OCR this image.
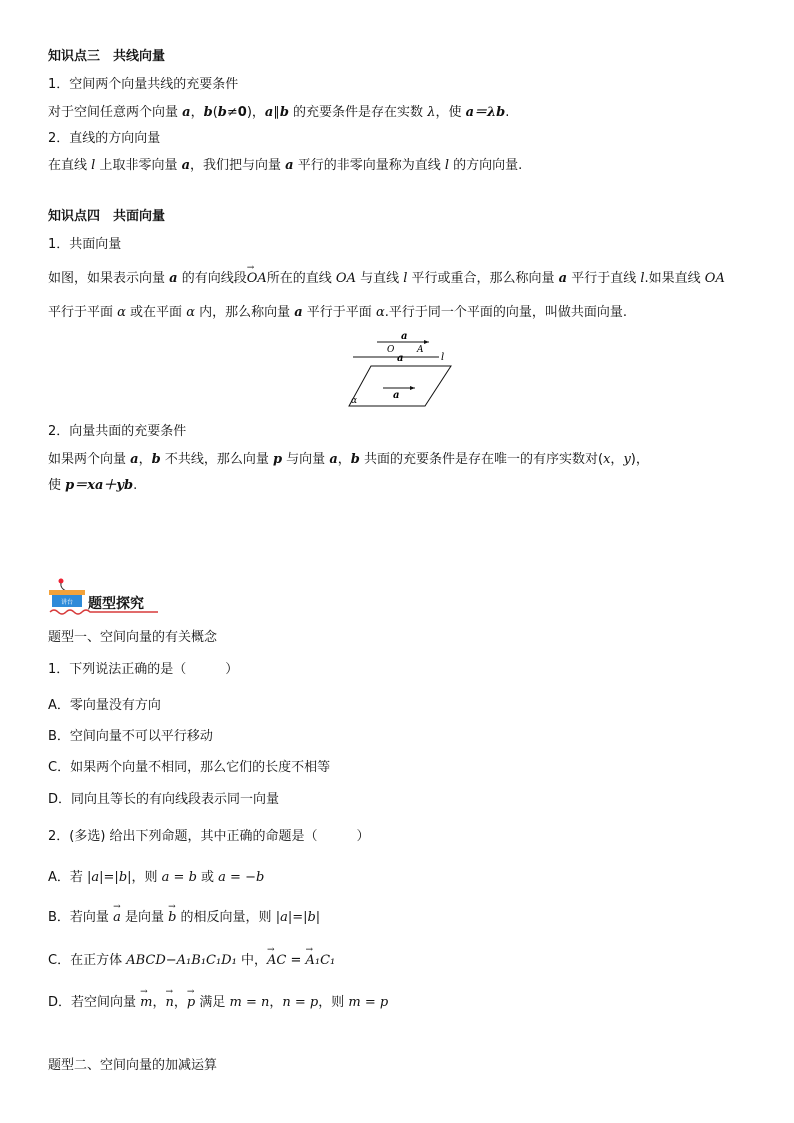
知识点三　共线向量
1．空间两个向量共线的充要条件
对于空间任意两个向量 a，b(b≠0)，a∥b 的充要条件是存在实数 λ，使 a＝λb.
2．直线的方向向量
在直线 l 上取非零向量 a，我们把与向量 a 平行的非零向量称为直线 l 的方向向量.
知识点四　共面向量
1．共面向量
如图，如果表示向量 a 的有向线段→ OA所在的直线 OA 与直线 l 平行或重合，那么称向量 a 平行于直线 l.如果直线 OA
平行于平面 α 或在平面 α 内，那么称向量 a 平行于平面 α.平行于同一个平面的向量，叫做共面向量.
a
O	A
a	l
a
α
2．向量共面的充要条件
如果两个向量 a，b 不共线，那么向量 p 与向量 a，b 共面的充要条件是存在唯一的有序实数对(x，y)，
使 p＝xa＋yb.
讲台 题型探究
题型一、空间向量的有关概念
1．下列说法正确的是（　　　）
A．零向量没有方向
B．空间向量不可以平行移动
C．如果两个向量不相同，那么它们的长度不相等
D．同向且等长的有向线段表示同一向量
2．(多选) 给出下列命题，其中正确的命题是（　　　）
A．若 |a|=|b|，则 a = b 或 a = −b
B．若向量 → a 是向量 → b 的相反向量，则 |a|=|b|
C．在正方体 ABCD−A₁B₁C₁D₁ 中，→ AC = → A₁C₁
D．若空间向量 → m，→ n，→ p 满足 m = n，n = p，则 m = p
题型二、空间向量的加减运算
